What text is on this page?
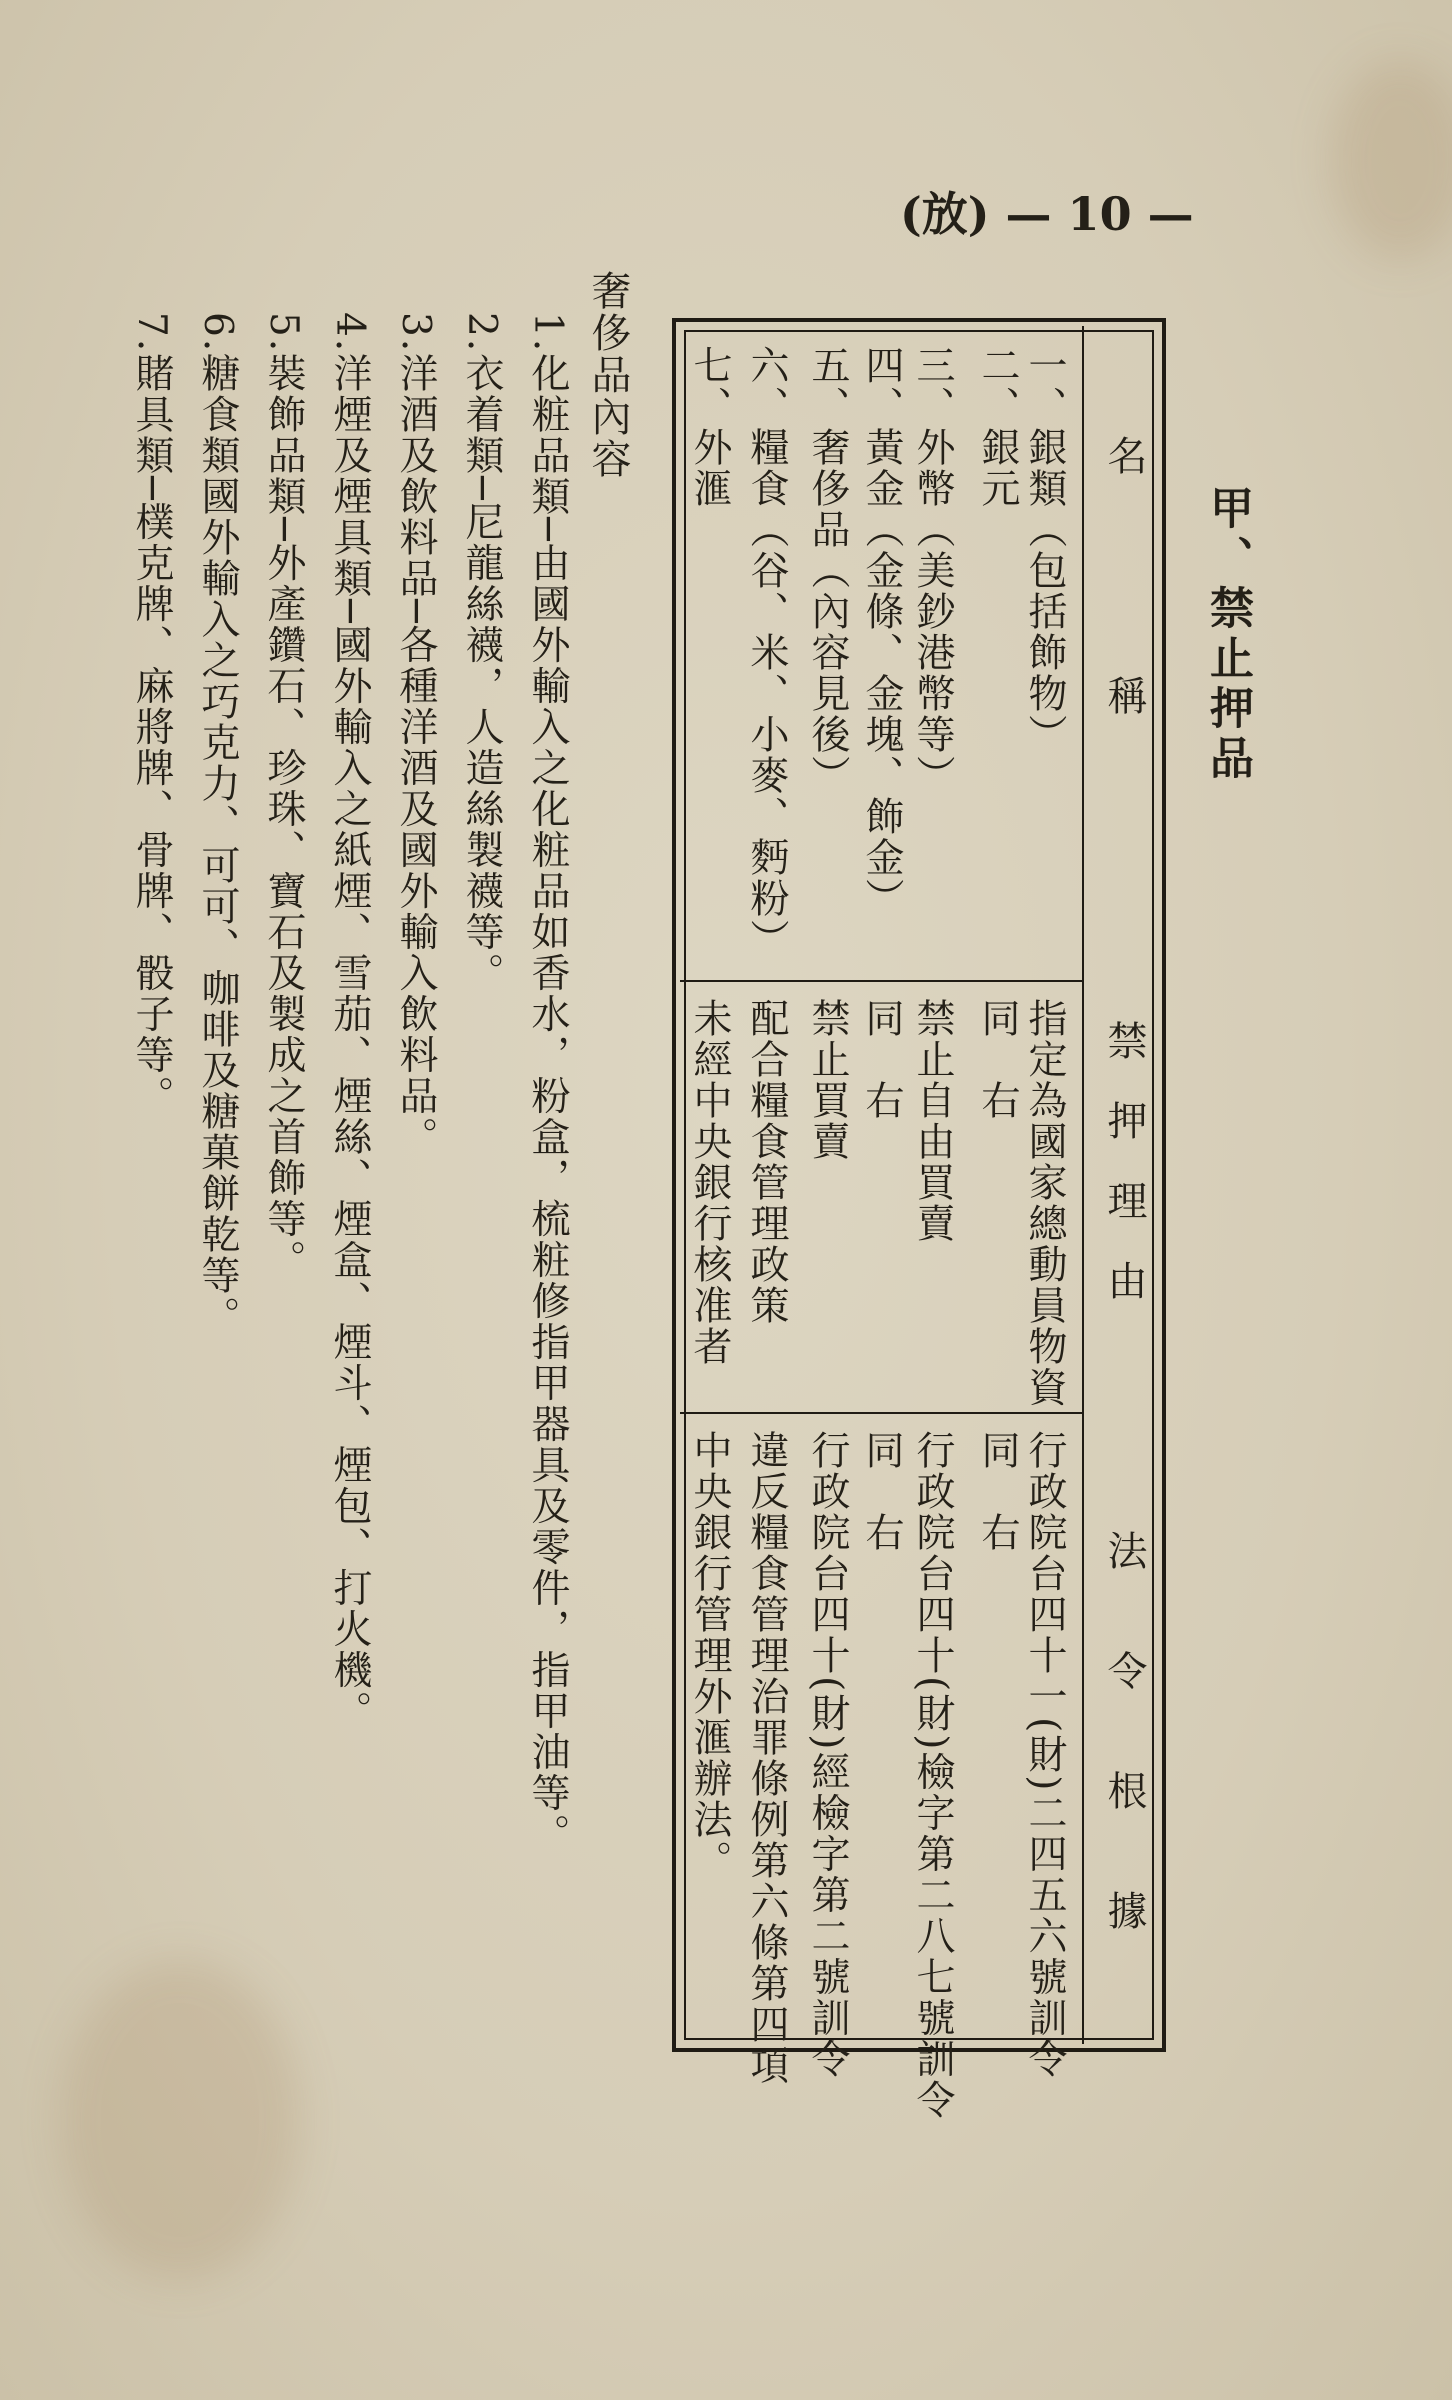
(放) — 10 —
甲、禁止押品
名　　　　　稱
禁　押　理　由
法　　令　　根　　據
一、銀類（包括飾物）
二、銀元
三、外幣（美鈔港幣等）
四、黃金（金條、金塊、飾金）
五、奢侈品（內容見後）
六、糧食（谷、米、小麥、麪粉）
七、外滙
指定為國家總動員物資
同　右
禁止自由買賣
同　右
禁止買賣
配合糧食管理政策
未經中央銀行核准者
行政院台四十一(財)二四五六號訓令
同　右
行政院台四十(財)檢字第二八七號訓令
同　右
行政院台四十(財)經檢字第二號訓令
違反糧食管理治罪條例第六條第四項
中央銀行管理外滙辦法。
奢侈品內容
1.化粧品類─由國外輸入之化粧品如香水，粉盒，梳粧修指甲器具及零件，指甲油等。
2.衣着類─尼龍絲襪，人造絲製襪等。
3.洋酒及飲料品─各種洋酒及國外輸入飲料品。
4.洋煙及煙具類─國外輸入之紙煙、雪茄、煙絲、煙盒、煙斗、煙包、打火機。
5.裝飾品類─外產鑽石、珍珠、寶石及製成之首飾等。
6.糖食類國外輸入之巧克力、可可、咖啡及糖菓餅乾等。
7.賭具類─樸克牌、麻將牌、骨牌、骰子等。
